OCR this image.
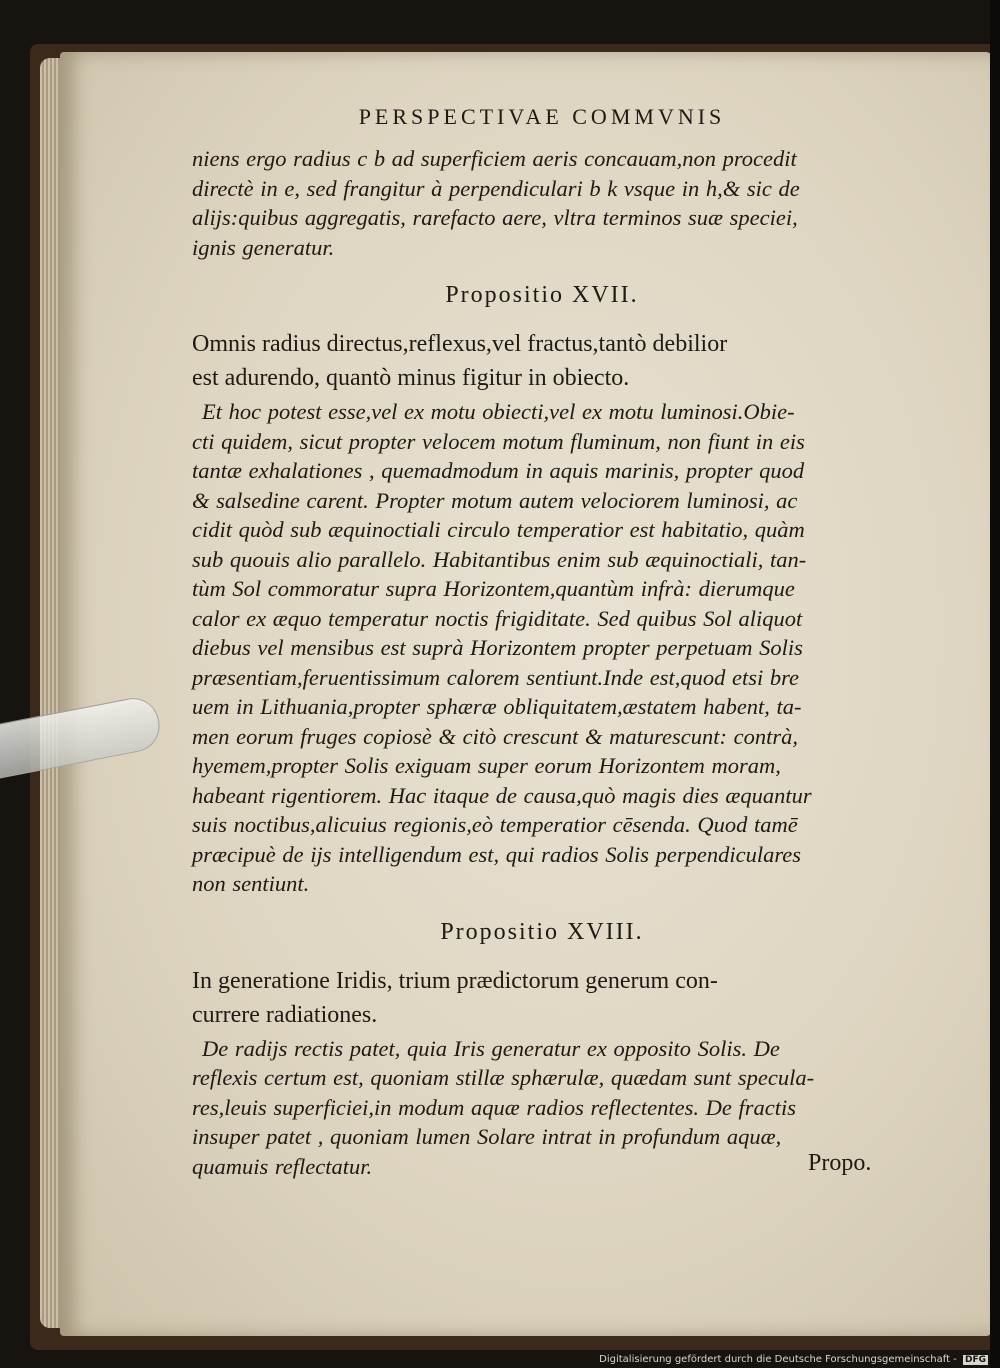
PERSPECTIVAE COMMVNIS

niens ergo radius c b ad superficiem aeris concauam,non procedit

directè in e, sed frangitur à perpendiculari b k vsque in h,& sic de

alijs:quibus aggregatis, rarefacto aere, vltra terminos suæ speciei,

ignis generatur.

Propositio XVII.

Omnis radius directus,reflexus,vel fractus,tantò debilior

est adurendo, quantò minus figitur in obiecto.

Et hoc potest esse,vel ex motu obiecti,vel ex motu luminosi.Obie-

cti quidem, sicut propter velocem motum fluminum, non fiunt in eis

tantæ exhalationes , quemadmodum in aquis marinis, propter quod

& salsedine carent. Propter motum autem velociorem luminosi, ac

cidit quòd sub æquinoctiali circulo temperatior est habitatio, quàm

sub quouis alio parallelo. Habitantibus enim sub æquinoctiali, tan-

tùm Sol commoratur supra Horizontem,quantùm infrà: dierumque

calor ex æquo temperatur noctis frigiditate. Sed quibus Sol aliquot

diebus vel mensibus est suprà Horizontem propter perpetuam Solis

præsentiam,feruentissimum calorem sentiunt.Inde est,quod etsi bre

uem in Lithuania,propter sphæræ obliquitatem,æstatem habent, ta-

men eorum fruges copiosè & citò crescunt & maturescunt: contrà,

hyemem,propter Solis exiguam super eorum Horizontem moram,

habeant rigentiorem. Hac itaque de causa,quò magis dies æquantur

suis noctibus,alicuius regionis,eò temperatior cēsenda. Quod tamē

præcipuè de ijs intelligendum est, qui radios Solis perpendiculares

non sentiunt.

Propositio XVIII.

In generatione Iridis, trium prædictorum generum con-

currere radiationes.

De radijs rectis patet, quia Iris generatur ex opposito Solis. De

reflexis certum est, quoniam stillæ sphærulæ, quædam sunt specula-

res,leuis superficiei,in modum aquæ radios reflectentes. De fractis

insuper patet , quoniam lumen Solare intrat in profundum aquæ,

quamuis reflectatur.	Propo.
Digitalisierung gefördert durch die Deutsche Forschungsgemeinschaft - DFG
